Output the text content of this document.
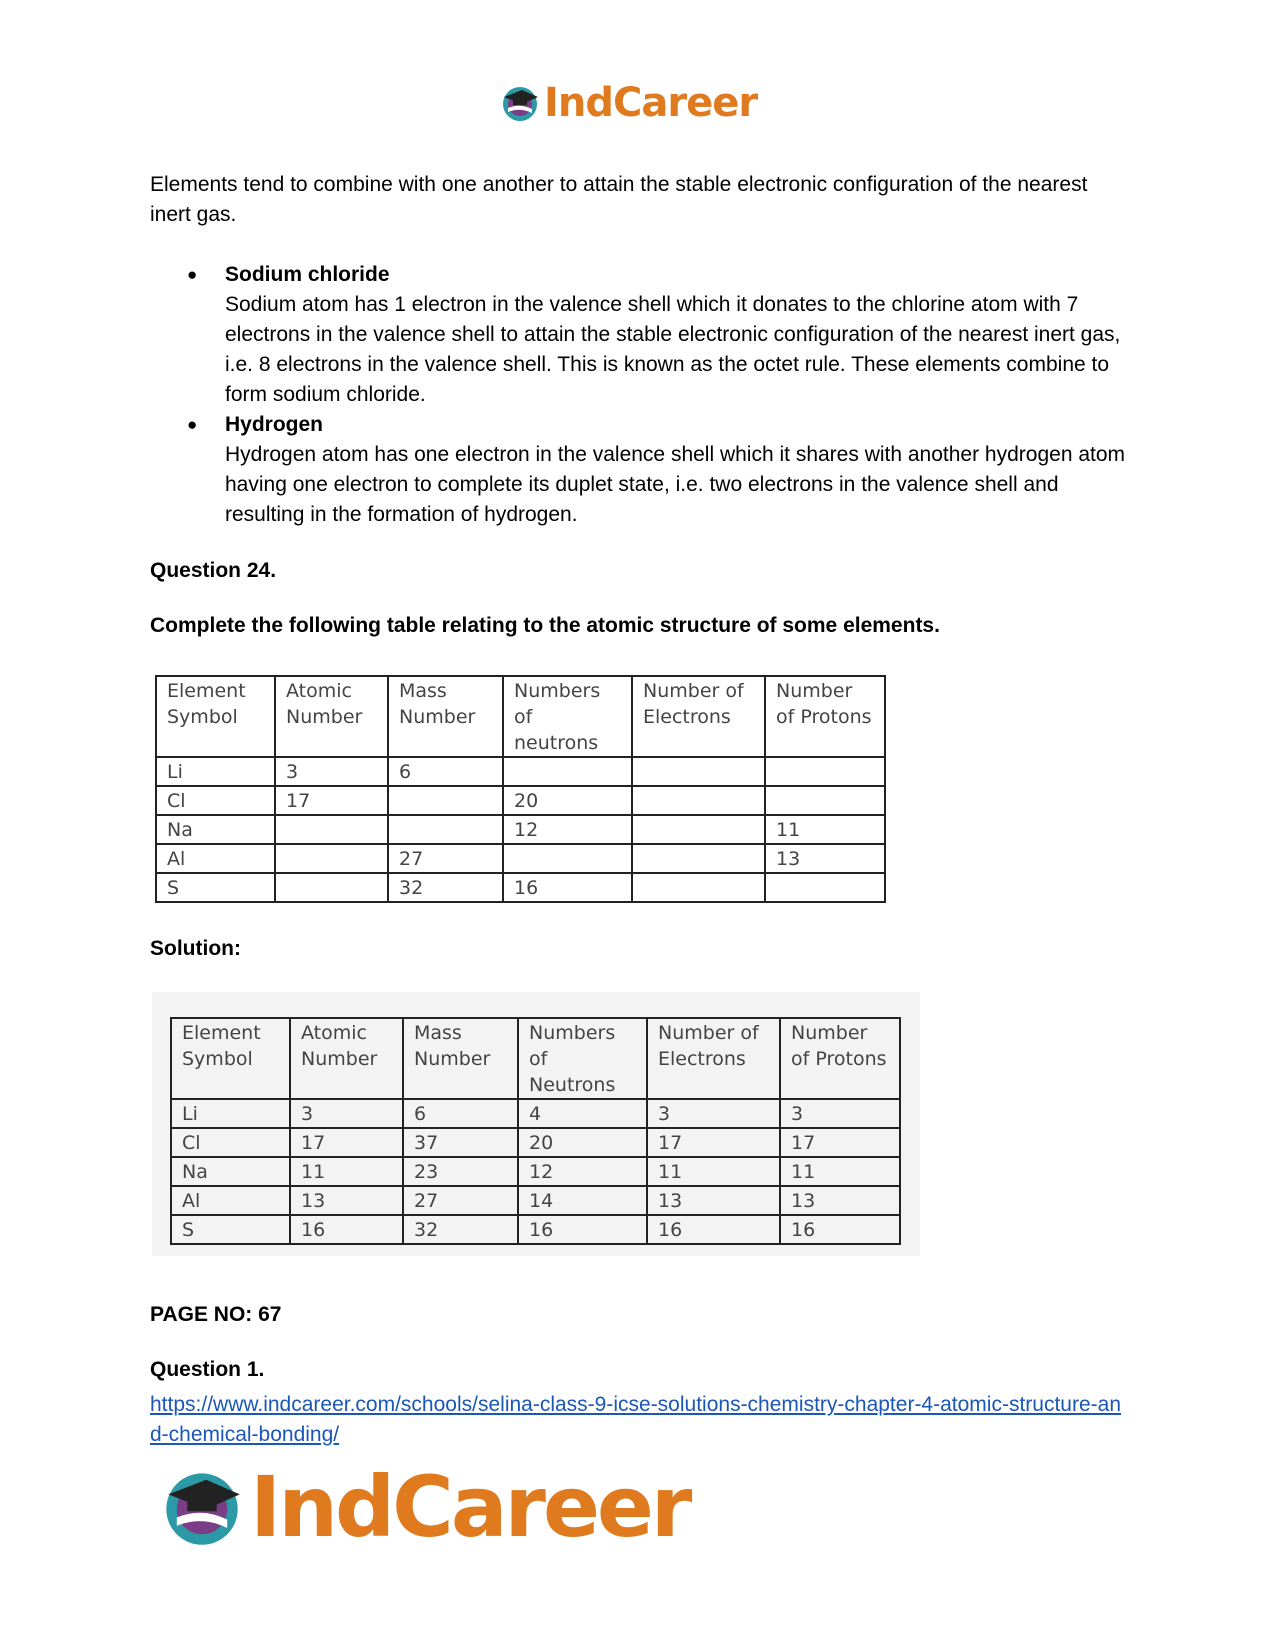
IndCareer
Elements tend to combine with one another to attain the stable electronic configuration of the nearest inert gas.
● Sodium chloride
Sodium atom has 1 electron in the valence shell which it donates to the chlorine atom with 7 electrons in the valence shell to attain the stable electronic configuration of the nearest inert gas, i.e. 8 electrons in the valence shell. This is known as the octet rule. These elements combine to form sodium chloride.
● Hydrogen
Hydrogen atom has one electron in the valence shell which it shares with another hydrogen atom having one electron to complete its duplet state, i.e. two electrons in the valence shell and resulting in the formation of hydrogen.
Question 24.
Complete the following table relating to the atomic structure of some elements.
Element Symbol	Atomic Number	Mass Number	Numbers of neutrons	Number of Electrons	Number of Protons
Li	3	6			
Cl	17		20		
Na			12		11
Al		27			13
S		32	16		
Solution:
Element Symbol	Atomic Number	Mass Number	Numbers of Neutrons	Number of Electrons	Number of Protons
Li	3	6	4	3	3
Cl	17	37	20	17	17
Na	11	23	12	11	11
Al	13	27	14	13	13
S	16	32	16	16	16
PAGE NO: 67
Question 1.
https://www.indcareer.com/schools/selina-class-9-icse-solutions-chemistry-chapter-4-atomic-structure-and-chemical-bonding/
IndCareer
